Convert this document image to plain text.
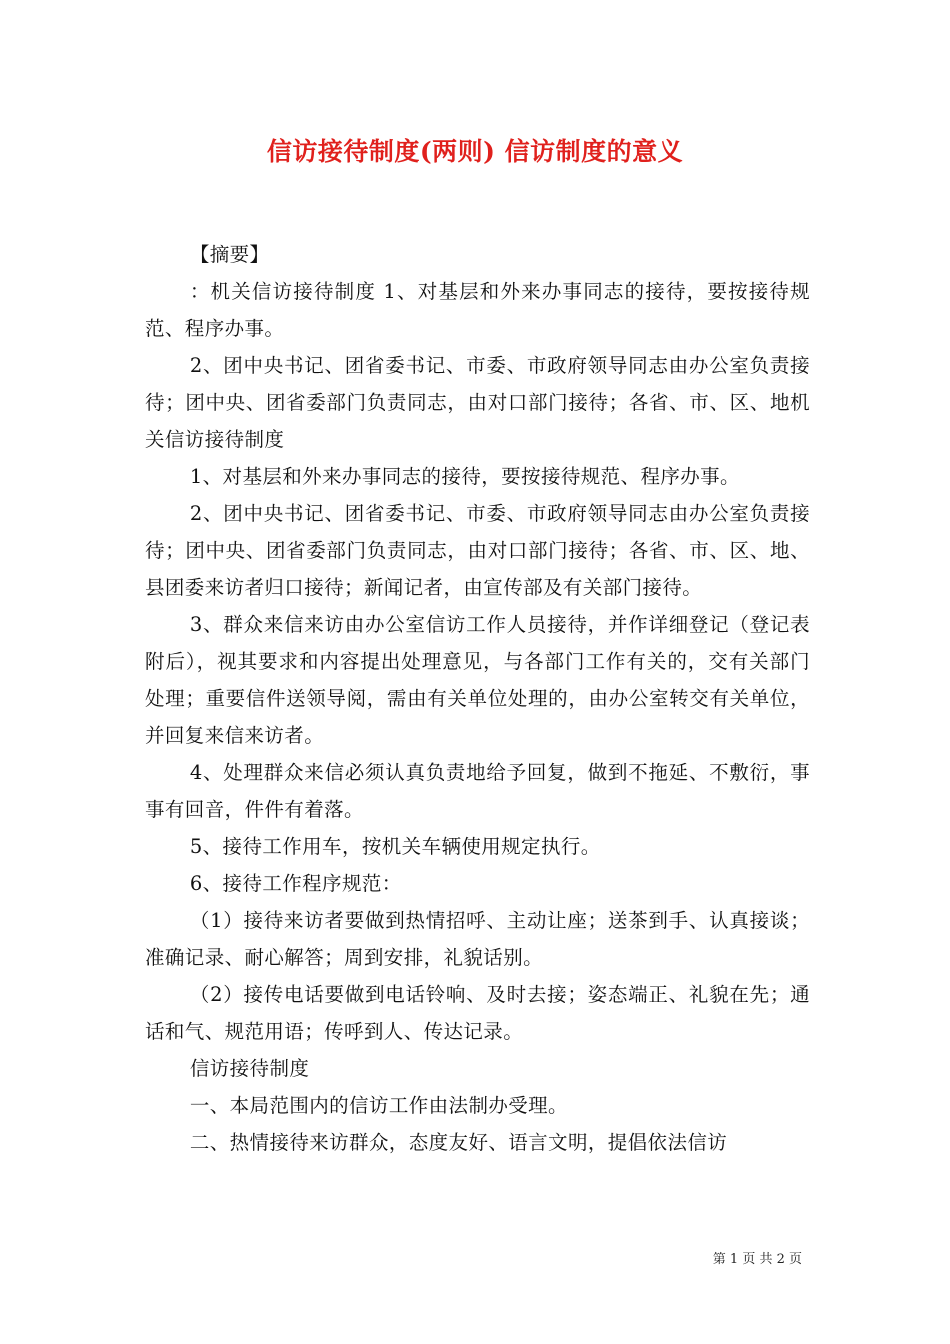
信访接待制度(两则) 信访制度的意义

【摘要】

：机关信访接待制度 1、对基层和外来办事同志的接待，要按接待规范、程序办事。

2、团中央书记、团省委书记、市委、市政府领导同志由办公室负责接待；团中央、团省委部门负责同志，由对口部门接待；各省、市、区、地机关信访接待制度

1、对基层和外来办事同志的接待，要按接待规范、程序办事。

2、团中央书记、团省委书记、市委、市政府领导同志由办公室负责接待；团中央、团省委部门负责同志，由对口部门接待；各省、市、区、地、县团委来访者归口接待；新闻记者，由宣传部及有关部门接待。

3、群众来信来访由办公室信访工作人员接待，并作详细登记（登记表附后），视其要求和内容提出处理意见，与各部门工作有关的，交有关部门处理；重要信件送领导阅，需由有关单位处理的，由办公室转交有关单位，并回复来信来访者。

4、处理群众来信必须认真负责地给予回复，做到不拖延、不敷衍，事事有回音，件件有着落。

5、接待工作用车，按机关车辆使用规定执行。

6、接待工作程序规范：

（1）接待来访者要做到热情招呼、主动让座；送茶到手、认真接谈；准确记录、耐心解答；周到安排，礼貌话别。

（2）接传电话要做到电话铃响、及时去接；姿态端正、礼貌在先；通话和气、规范用语；传呼到人、传达记录。

信访接待制度

一、本局范围内的信访工作由法制办受理。

二、热情接待来访群众，态度友好、语言文明，提倡依法信访

第 1 页 共 2 页
